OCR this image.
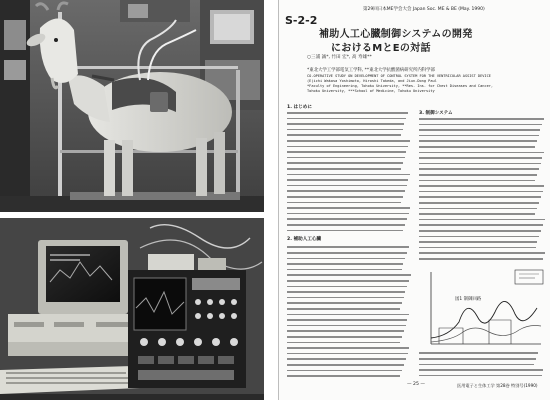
第29回日本ME学会大会 Japan Soc. ME & BE (May. 1990)
S-2-2
補助人工心臓制御システムの開発
におけるMとEの対話
○三浦 誠*, 竹田 宏*, 高 寿雄**
*東北大学工学部電気工学科, **東北大学抗酸菌病研究所内科学部
CO-OPERATIVE STUDY ON DEVELOPMENT OF CONTROL SYSTEM FOR THE VENTRICULAR ASSIST DEVICE
(E)ichi Wakasa Yoshimoto, Hiroshi Takeda, and Jiun-Dong Paul
*Faculty of Engineering, Tohoku University, **Res. Ins. for Chest Diseases and Cancer,
Tohoku University, ***School of Medicine, Tohoku University
1. はじめに
2. 補助人工心臓
3. 制御システム
図1 制御回路
— 25 —	医用電子と生体工学 第28巻 特別号(1990)
